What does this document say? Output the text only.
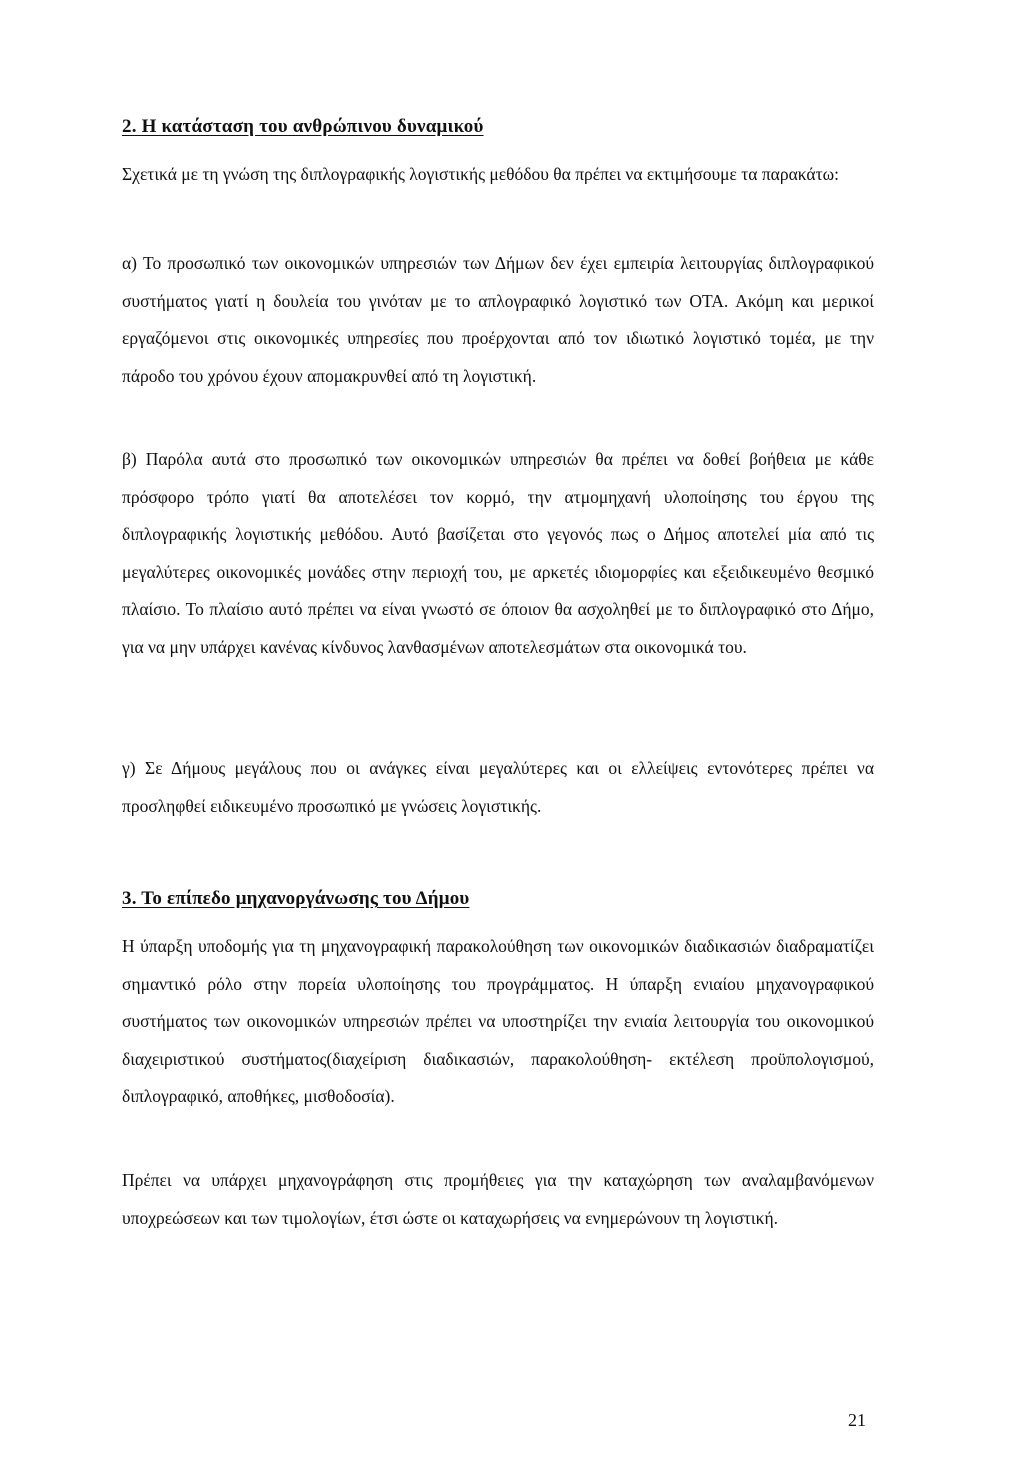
2. Η κατάσταση του ανθρώπινου δυναμικού

Σχετικά με τη γνώση της διπλογραφικής λογιστικής μεθόδου θα πρέπει να εκτιμήσουμε τα παρακάτω:

α) Το προσωπικό των οικονομικών υπηρεσιών των Δήμων δεν έχει εμπειρία λειτουργίας διπλογραφικού συστήματος γιατί η δουλεία του γινόταν με το απλογραφικό λογιστικό των ΟΤΑ. Ακόμη και μερικοί εργαζόμενοι στις οικονομικές υπηρεσίες που προέρχονται από τον ιδιωτικό λογιστικό τομέα, με την πάροδο του χρόνου έχουν απομακρυνθεί από τη λογιστική.

β) Παρόλα αυτά στο προσωπικό των οικονομικών υπηρεσιών θα πρέπει να δοθεί βοήθεια με κάθε πρόσφορο τρόπο γιατί θα αποτελέσει τον κορμό, την ατμομηχανή υλοποίησης του έργου της διπλογραφικής λογιστικής μεθόδου. Αυτό βασίζεται στο γεγονός πως ο Δήμος αποτελεί μία από τις μεγαλύτερες οικονομικές μονάδες στην περιοχή του, με αρκετές ιδιομορφίες και εξειδικευμένο θεσμικό πλαίσιο. Το πλαίσιο αυτό πρέπει να είναι γνωστό σε όποιον θα ασχοληθεί με το διπλογραφικό στο Δήμο, για να μην υπάρχει κανένας κίνδυνος λανθασμένων αποτελεσμάτων στα οικονομικά του.

γ) Σε Δήμους μεγάλους που οι ανάγκες είναι μεγαλύτερες και οι ελλείψεις εντονότερες πρέπει να προσληφθεί ειδικευμένο προσωπικό με γνώσεις λογιστικής.

3. Το επίπεδο μηχανοργάνωσης του Δήμου

Η ύπαρξη υποδομής για τη μηχανογραφική παρακολούθηση των οικονομικών διαδικασιών διαδραματίζει σημαντικό ρόλο στην πορεία υλοποίησης του προγράμματος. Η ύπαρξη ενιαίου μηχανογραφικού συστήματος των οικονομικών υπηρεσιών πρέπει να υποστηρίζει την ενιαία λειτουργία του οικονομικού διαχειριστικού συστήματος(διαχείριση διαδικασιών, παρακολούθηση- εκτέλεση προϋπολογισμού, διπλογραφικό, αποθήκες, μισθοδοσία).

Πρέπει να υπάρχει μηχανογράφηση στις προμήθειες για την καταχώρηση των αναλαμβανόμενων υποχρεώσεων και των τιμολογίων, έτσι ώστε οι καταχωρήσεις να ενημερώνουν τη λογιστική.

21
